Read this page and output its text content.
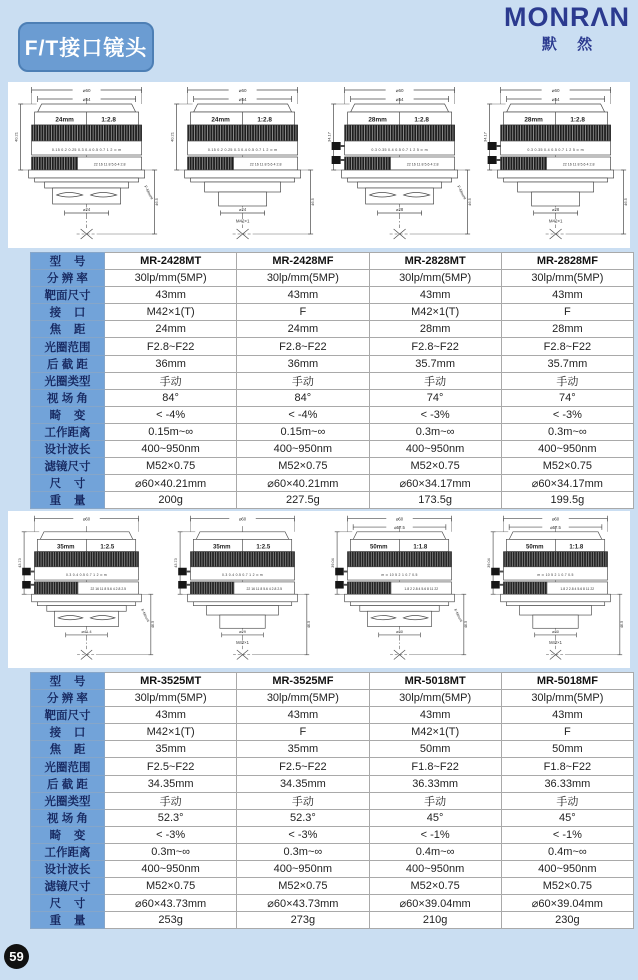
F/T接口镜头
MONRΛN
默 然
⌀60
⌀54
24mm	1:2.8
0.15 0.2 0.25 0.3 0.4 0.5 0.7 1 2 ∞ m
22 16 11 8 5.6 4 2.8
⌀24
F-Mount
40.21
46.5
⌀60
⌀54
24mm	1:2.8
0.15 0.2 0.25 0.3 0.4 0.5 0.7 1 2 ∞ m
22 16 11 8 5.6 4 2.8
⌀24
M42×1
40.21
46.5
⌀60
⌀54
28mm	1:2.8
0.3 0.35 0.4 0.5 0.7 1 2 5 ∞ m
22 16 11 8 5.6 4 2.8
⌀28
F-Mount
34.17
46.5
⌀60
⌀54
28mm	1:2.8
0.3 0.35 0.4 0.5 0.7 1 2 5 ∞ m
22 16 11 8 5.6 4 2.8
⌀28
M42×1
34.17
46.5
型    号	MR-2428MT	MR-2428MF	MR-2828MT	MR-2828MF
分 辨 率	30lp/mm(5MP)	30lp/mm(5MP)	30lp/mm(5MP)	30lp/mm(5MP)
靶面尺寸	43mm	43mm	43mm	43mm
接    口	M42×1(T)	F	M42×1(T)	F
焦    距	24mm	24mm	28mm	28mm
光圈范围	F2.8~F22	F2.8~F22	F2.8~F22	F2.8~F22
后 截 距	36mm	36mm	35.7mm	35.7mm
光圈类型	手动	手动	手动	手动
视 场 角	84°	84°	74°	74°
畸    变	< -4%	< -4%	< -3%	< -3%
工作距离	0.15m~∞	0.15m~∞	0.3m~∞	0.3m~∞
设计波长	400~950nm	400~950nm	400~950nm	400~950nm
滤镜尺寸	M52×0.75	M52×0.75	M52×0.75	M52×0.75
尺    寸	⌀60×40.21mm	⌀60×40.21mm	⌀60×34.17mm	⌀60×34.17mm
重    量	200g	227.5g	173.5g	199.5g
⌀60
35mm	1:2.5
0.3 0.4 0.5 0.7 1 2 ∞ m
22 16 11 8 5.6 4 2.8 2.5
⌀41.4
F-Mount
43.73
46.5
⌀60
35mm	1:2.5
0.3 0.4 0.5 0.7 1 2 ∞ m
22 16 11 8 5.6 4 2.8 2.5
⌀29
M42×1
43.73
46.5
⌀60
⌀57.5
50mm	1:1.8
m ∞ 10 5 2 1 0.7 0.5
1.8 2 2.8 4 5.6 8 11 22
⌀30
F-Mount
39.04
46.5
⌀60
⌀57.5
50mm	1:1.8
m ∞ 10 5 2 1 0.7 0.5
1.8 2 2.8 4 5.6 8 11 22
⌀30
M42×1
39.04
46.5
型    号	MR-3525MT	MR-3525MF	MR-5018MT	MR-5018MF
分 辨 率	30lp/mm(5MP)	30lp/mm(5MP)	30lp/mm(5MP)	30lp/mm(5MP)
靶面尺寸	43mm	43mm	43mm	43mm
接    口	M42×1(T)	F	M42×1(T)	F
焦    距	35mm	35mm	50mm	50mm
光圈范围	F2.5~F22	F2.5~F22	F1.8~F22	F1.8~F22
后 截 距	34.35mm	34.35mm	36.33mm	36.33mm
光圈类型	手动	手动	手动	手动
视 场 角	52.3°	52.3°	45°	45°
畸    变	< -3%	< -3%	< -1%	< -1%
工作距离	0.3m~∞	0.3m~∞	0.4m~∞	0.4m~∞
设计波长	400~950nm	400~950nm	400~950nm	400~950nm
滤镜尺寸	M52×0.75	M52×0.75	M52×0.75	M52×0.75
尺    寸	⌀60×43.73mm	⌀60×43.73mm	⌀60×39.04mm	⌀60×39.04mm
重    量	253g	273g	210g	230g
59
